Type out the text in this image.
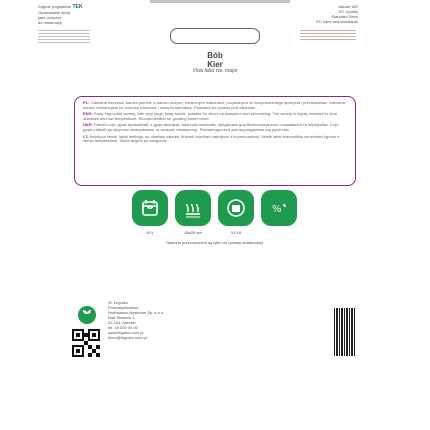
Zdjęcie poglądowe TEK
Opakowanie służy
jako ochrona
do reklamacji
Jakość WE
EC Quality
Standard Seed
EC rules and standards
Bób
Kier
Vicia faba var. major

PL: Odmiana wczesna, bardzo plenna, o bardzo dużych, smacznych nasionach, przydatnych do bezpośredniego spożycia i przetwórstwa. Odmiana bardzo tolerancyjna na choroby wirusowe i niską temperaturę. Polecana do uprawy pod osłonami.

ENG: Early, high-yield variety, with very large, tasty seeds, suitable for direct consumption and processing. The variety is highly resistant to viral diseases and low temperature. Recommended for growing under cover.

UKR: Ранній сорт, дуже врожайний, з дуже великим, смачним насінням, придатним для безпосереднього споживання та переробки. Сорт дуже стійкий до вірусних захворювань та низьких температур. Рекомендується для вирощування під укриттям.

LT: Ankstyva veislė, labai derlinga, su dideliais vaisiais, tinkanti šviežiam vartojimui ir konservavimui. Veislė labai tolerantiška virusinėms ligoms ir žemai temperatūrai. Skirta auginti po dangomis.

%
III-V	45x20 cm	VI-VII
Nasiona przeznaczone są tylko do uprawy amatorskiej.
W. Legutko
Przedsiębiorstwo
Hodowlano-Nasienne Sp. z o.o.
Nad Stawem 1
32-104 Jutrosin
tel. 18 000 00 00
www.legutko.com.pl
biuro@legutko.com.pl
